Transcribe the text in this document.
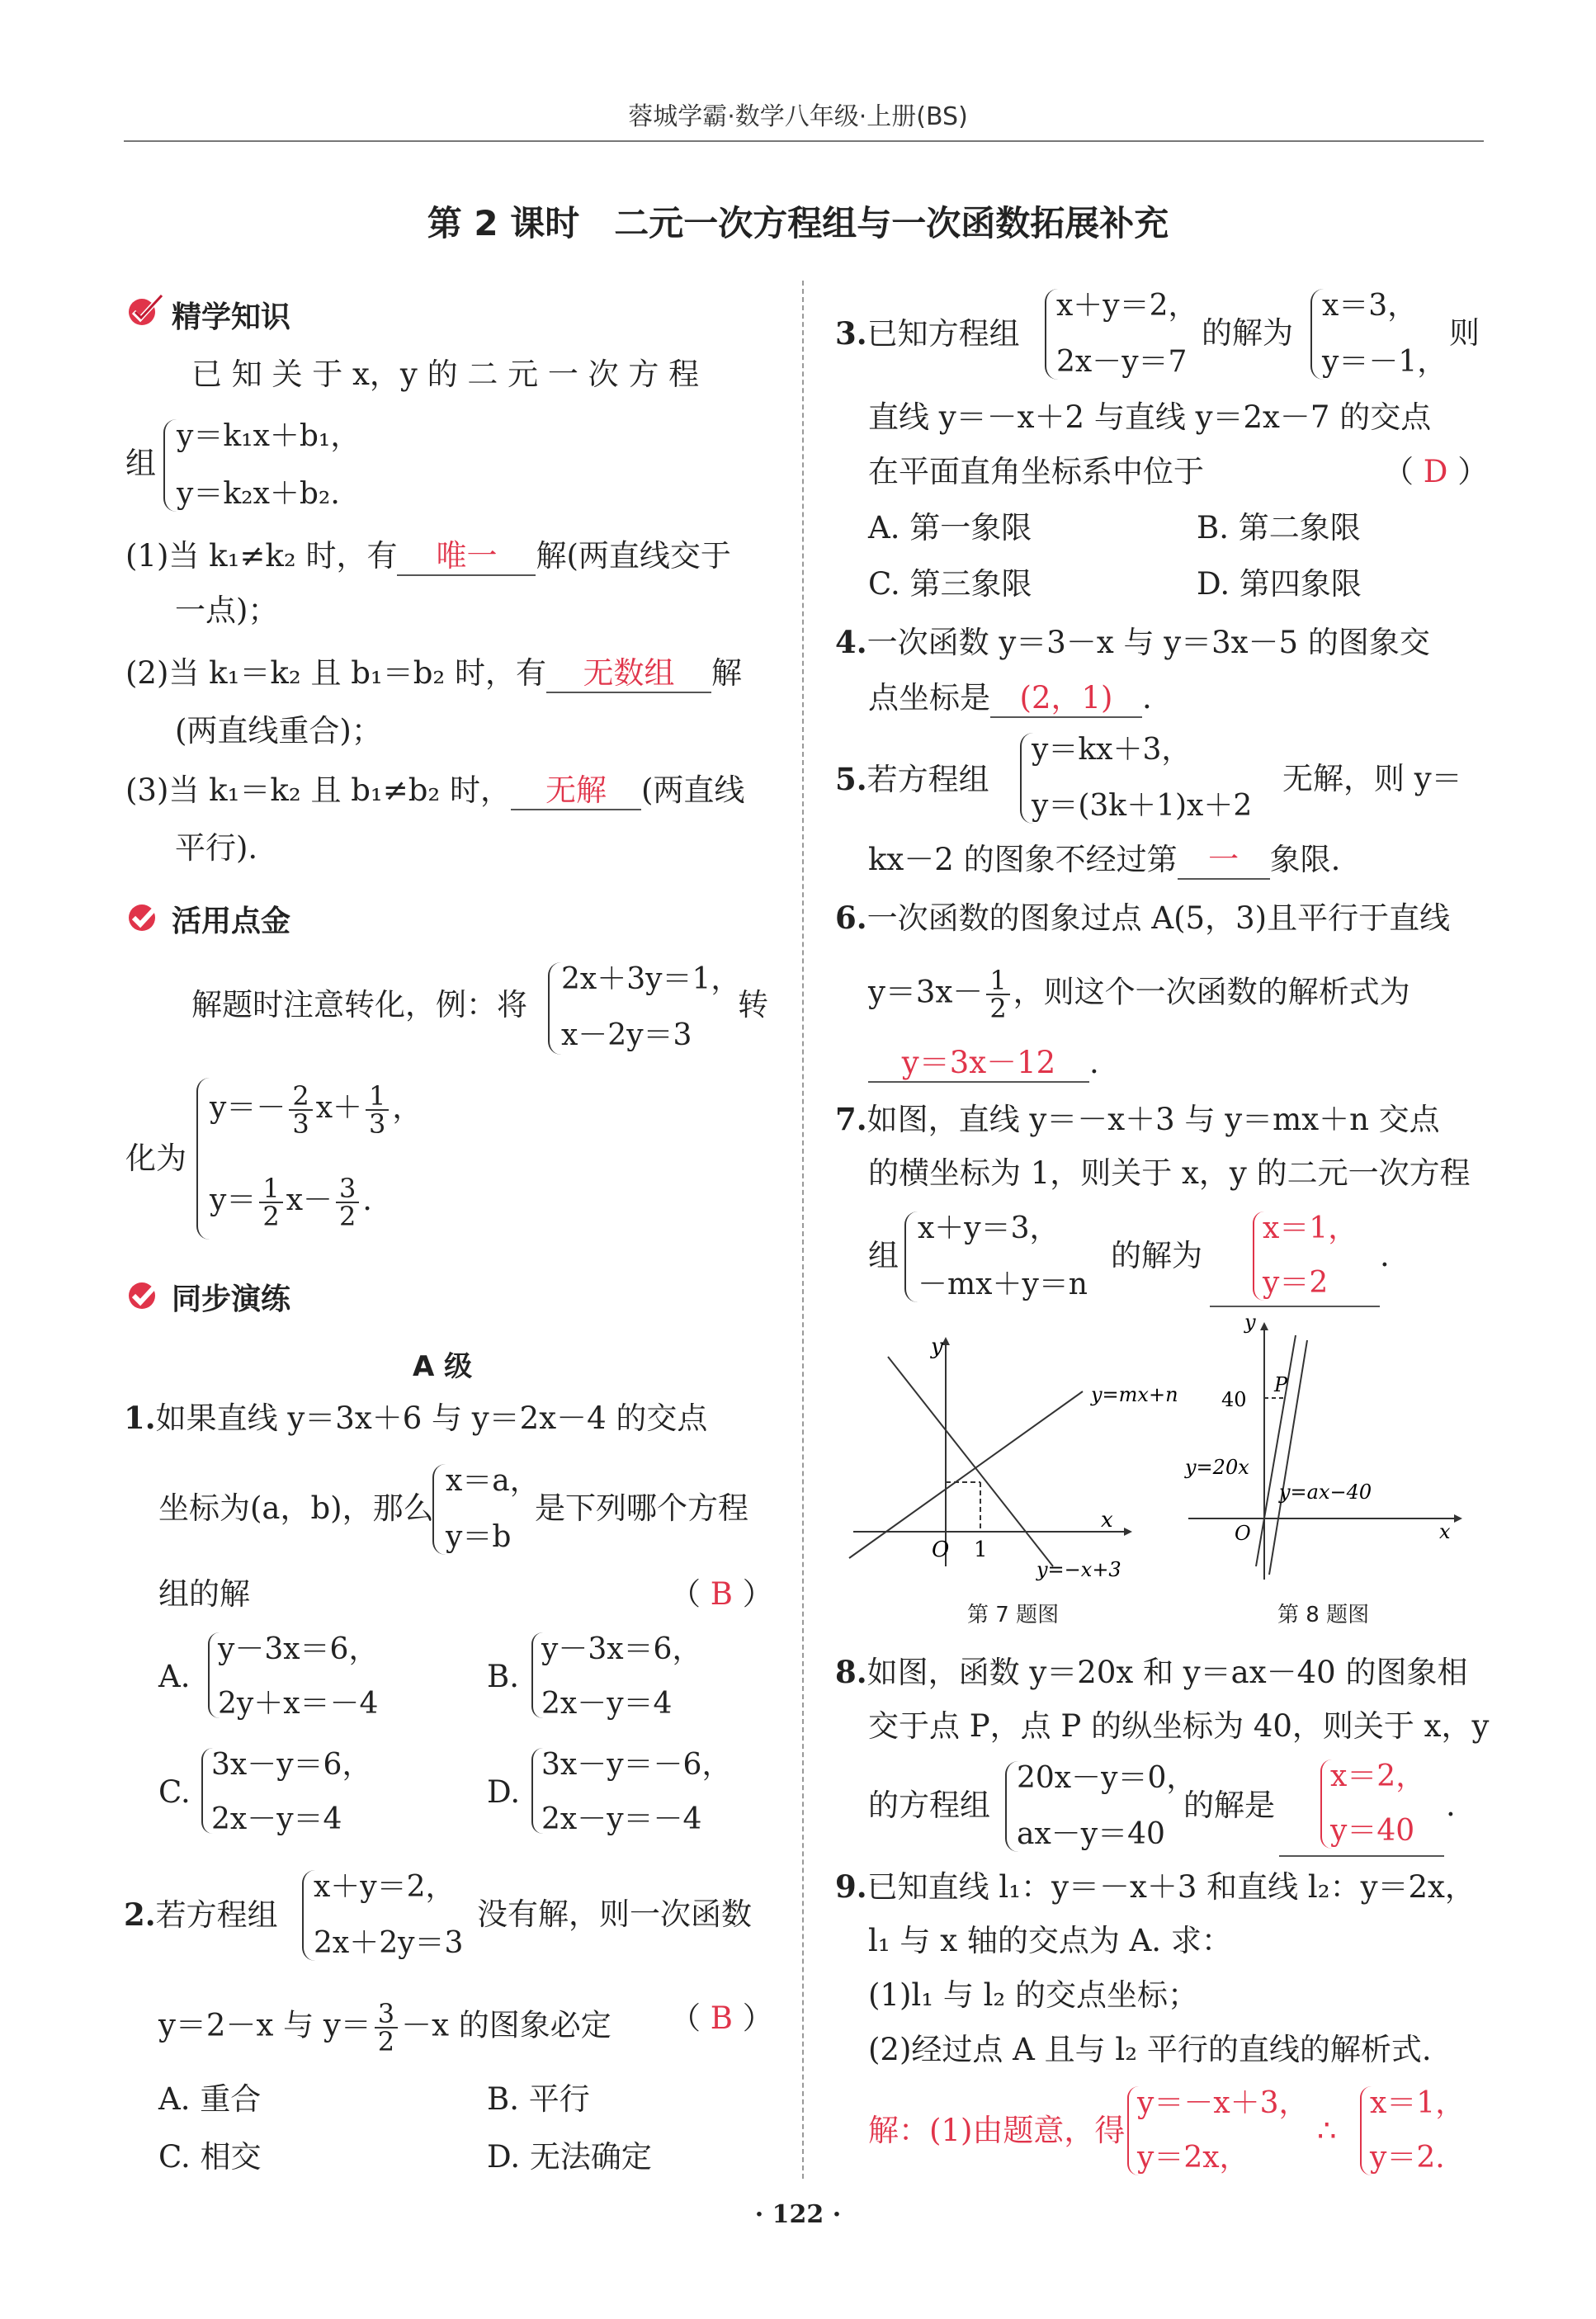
蓉城学霸·数学八年级·上册(BS)
第 2 课时　二元一次方程组与一次函数拓展补充
精学知识
已 知 关 于 x，y 的 二 元 一 次 方 程
组
y＝k₁x＋b₁，
y＝k₂x＋b₂.
(1)当 k₁≠k₂ 时，有 唯一 解(两直线交于
一点)；
(2)当 k₁＝k₂ 且 b₁＝b₂ 时，有 无数组 解
(两直线重合)；
(3)当 k₁＝k₂ 且 b₁≠b₂ 时， 无解 (两直线
平行).
活用点金
解题时注意转化，例：将
2x＋3y＝1，
x－2y＝3
转
化为
$y=- \frac{2}{3} x+ \frac{1}{3}$ ，
$y= \frac{1}{2} x- \frac{3}{2}$ .
同步演练
A 级
1.如果直线 y＝3x＋6 与 y＝2x－4 的交点
坐标为(a，b)，那么
x＝a，
y＝b
是下列哪个方程
组的解	（ B ）
A.
y－3x＝6，
2y＋x＝－4
B.
y－3x＝6，
2x－y＝4
C.
3x－y＝6，
2x－y＝4
D.
3x－y＝－6，
2x－y＝－4
2.若方程组
x＋y＝2，
2x＋2y＝3
没有解，则一次函数
y＝2－x 与 $y= \frac{3}{2} -x$ 的图象必定 （ B ）
A. 重合	B. 平行
C. 相交	D. 无法确定
3.已知方程组
x＋y＝2，
2x－y＝7
的解为
x＝3，
y＝－1，
则
直线 y＝－x＋2 与直线 y＝2x－7 的交点
在平面直角坐标系中位于	（ D ）
A. 第一象限	B. 第二象限
C. 第三象限	D. 第四象限
4.一次函数 y＝3－x 与 y＝3x－5 的图象交
点坐标是 (2，1) .
5.若方程组
y＝kx＋3，
y＝(3k＋1)x＋2
无解，则 y＝
kx－2 的图象不经过第 一 象限.
6.一次函数的图象过点 A(5，3)且平行于直线
$y=3x- \frac{1}{2}$ ，则这个一次函数的解析式为
y＝3x－12 .
7.如图，直线 y＝－x＋3 与 y＝mx＋n 交点
的横坐标为 1，则关于 x，y 的二元一次方程
组
x＋y＝3，
－mx＋y＝n
的解为
x＝1，
y＝2
.
O 1
x
y
y=mx+n
y=−x+3
第 7 题图
y
40
P
y=20x
y=ax−40
O	x
第 8 题图
8.如图，函数 y＝20x 和 y＝ax－40 的图象相
交于点 P，点 P 的纵坐标为 40，则关于 x，y
的方程组
20x－y＝0，
ax－y＝40
的解是
x＝2，
y＝40
.
9.已知直线 l₁：y＝－x＋3 和直线 l₂：y＝2x，
l₁ 与 x 轴的交点为 A. 求：
(1)l₁ 与 l₂ 的交点坐标；
(2)经过点 A 且与 l₂ 平行的直线的解析式.
解：(1)由题意，得
y＝－x＋3，
y＝2x，
∴
x＝1，
y＝2.
· 122 ·
